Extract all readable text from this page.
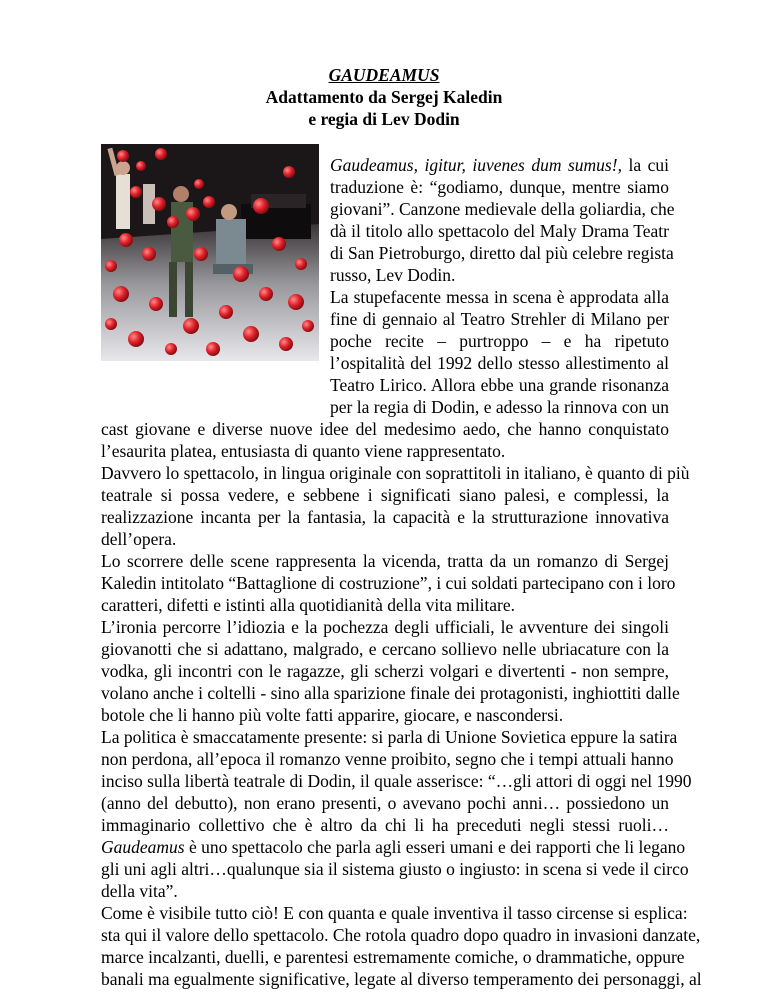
GAUDEAMUS
Adattamento da Sergej Kaledin
e regia di Lev Dodin
Gaudeamus, igitur, iuvenes dum sumus!, la cui
traduzione è: “godiamo, dunque, mentre siamo
giovani”. Canzone medievale della goliardia, che
dà il titolo allo spettacolo del Maly Drama Teatr
di San Pietroburgo, diretto dal più celebre regista
russo, Lev Dodin.
La stupefacente messa in scena è approdata alla
fine di gennaio al Teatro Strehler di Milano per
poche recite – purtroppo – e ha ripetuto
l’ospitalità del 1992 dello stesso allestimento al
Teatro Lirico. Allora ebbe una grande risonanza
per la regia di Dodin, e adesso la rinnova con un
cast giovane e diverse nuove idee del medesimo aedo, che hanno conquistato
l’esaurita platea, entusiasta di quanto viene rappresentato.
Davvero lo spettacolo, in lingua originale con soprattitoli in italiano, è quanto di più
teatrale si possa vedere, e sebbene i significati siano palesi, e complessi, la
realizzazione incanta per la fantasia, la capacità e la strutturazione innovativa
dell’opera.
Lo scorrere delle scene rappresenta la vicenda, tratta da un romanzo di Sergej
Kaledin intitolato “Battaglione di costruzione”, i cui soldati partecipano con i loro
caratteri, difetti e istinti alla quotidianità della vita militare.
L’ironia percorre l’idiozia e la pochezza degli ufficiali, le avventure dei singoli
giovanotti che si adattano, malgrado, e cercano sollievo nelle ubriacature con la
vodka, gli incontri con le ragazze, gli scherzi volgari e divertenti - non sempre,
volano anche i coltelli - sino alla sparizione finale dei protagonisti, inghiottiti dalle
botole che li hanno più volte fatti apparire, giocare, e nascondersi.
La politica è smaccatamente presente: si parla di Unione Sovietica eppure la satira
non perdona, all’epoca il romanzo venne proibito, segno che i tempi attuali hanno
inciso sulla libertà teatrale di Dodin, il quale asserisce: “…gli attori di oggi nel 1990
(anno del debutto), non erano presenti, o avevano pochi anni… possiedono un
immaginario collettivo che è altro da chi li ha preceduti negli stessi ruoli…
Gaudeamus è uno spettacolo che parla agli esseri umani e dei rapporti che li legano
gli uni agli altri…qualunque sia il sistema giusto o ingiusto: in scena si vede il circo
della vita”.
Come è visibile tutto ciò! E con quanta e quale inventiva il tasso circense si esplica:
sta qui il valore dello spettacolo. Che rotola quadro dopo quadro in invasioni danzate,
marce incalzanti, duelli, e parentesi estremamente comiche, o drammatiche, oppure
banali ma egualmente significative, legate al diverso temperamento dei personaggi, al
